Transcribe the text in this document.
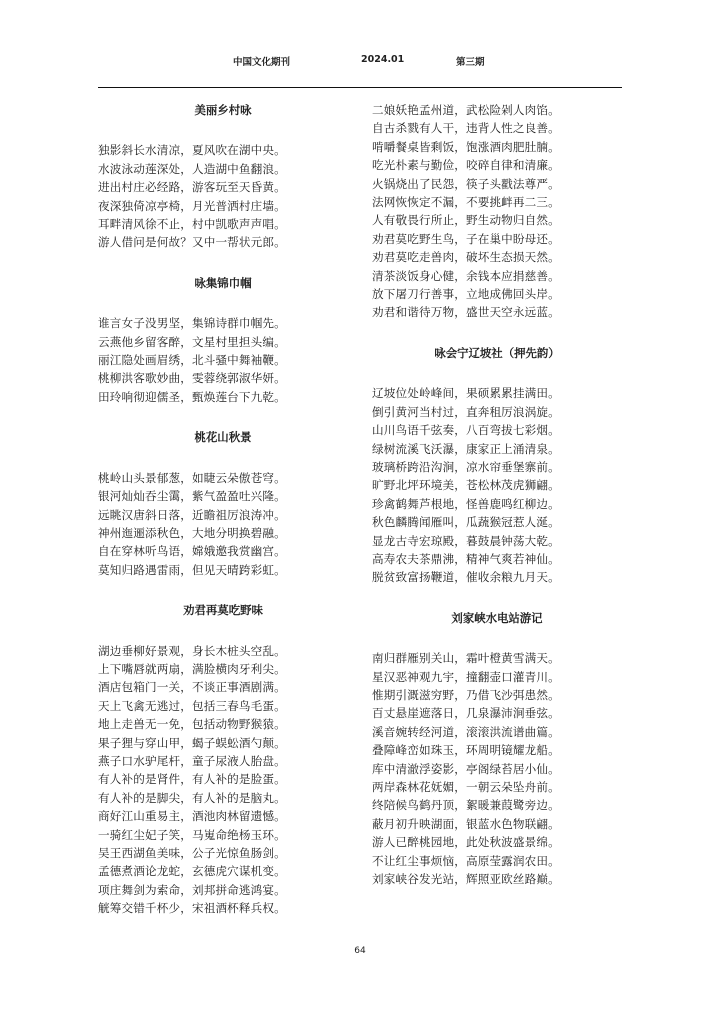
中国文化期刊	2024.01	第三期
美丽乡村咏
独影斜长水清凉，夏风吹在湖中央。
水波泳动莲深处，人造湖中鱼翻浪。
进出村庄必经路，游客玩至天昏黄。
夜深独倚凉亭椅，月光普洒村庄墙。
耳畔清风徐不止，村中凯歌声声唱。
游人借问是何故？又中一帮状元郎。
咏集锦巾帼
谁言女子没男坚，集锦诗群巾帼先。
云燕他乡留客醉，文星村里担头编。
丽江隐处画眉绣，北斗骚中舞袖鞭。
桃柳洪客歌妙曲，雯蓉绕郭淑华妍。
田玲响彻迎儒圣，甄焕莲台下九乾。
桃花山秋景
桃岭山头景郁葱，如睫云朵傲苍穹。
银河灿灿吞尘霭，紫气盈盈吐兴隆。
远眺汉唐斜日落，近瞻祖厉浪涛冲。
神州迤逦添秋色，大地分明换碧融。
自在穿林听鸟语，嫦娥邀我赏幽宫。
莫知归路遇雷雨，但见天晴跨彩虹。
劝君再莫吃野味
湖边垂柳好景观，身长木桩头空乱。
上下嘴唇就两扇，满脸横肉牙利尖。
酒店包箱门一关，不谈正事酒剧满。
天上飞禽无逃过，包括三春鸟毛蛋。
地上走兽无一免，包括动物野猴猿。
果子狸与穿山甲，蝎子蜈蚣酒勺颠。
燕子口水驴尾杆，童子尿液人胎盘。
有人补的是肾件，有人补的是脸蛋。
有人补的是脚尖，有人补的是脑丸。
商好江山重易主，酒池肉林留遗憾。
一骑红尘妃子笑，马嵬命绝杨玉环。
吴王西湖鱼美味，公子光惊鱼肠剑。
孟德煮酒论龙蛇，玄德虎穴谋机变。
项庄舞剑为索命，刘邦拼命逃鸿宴。
觥筹交错千杯少，宋祖酒杯释兵权。
二娘妖艳孟州道，武松险剁人肉馅。
自古杀戮有人干，违背人性之良善。
啃嚼餐桌皆剩饭，饱涨酒肉肥肚腩。
吃光朴素与勤俭，咬碎自律和清廉。
火锅烧出了民怨，筷子头戳法尊严。
法网恢恢定不漏，不要挑衅再二三。
人有敬畏行所止，野生动物归自然。
劝君莫吃野生鸟，子在巢中盼母还。
劝君莫吃走兽肉，破坏生态损天然。
清茶淡饭身心健，余钱本应捐慈善。
放下屠刀行善事，立地成佛回头岸。
劝君和谐待万物，盛世天空永远蓝。
咏会宁辽坡社（押先韵）
辽坡位处岭峰间，果硕累累挂满田。
倒引黄河当村过，直奔租厉浪涡旋。
山川鸟语千弦奏，八百弯拔七彩烟。
绿树流溪飞沃瀑，康家正上涌清泉。
玻璃桥跨沿沟涧，凉水帘垂堡寨前。
旷野北坪环境美，苍松林茂虎狮翩。
珍禽鹤舞芦根地，怪兽鹿鸣红柳边。
秋色麟腾闻雁叫，瓜蔬猴冠惹人涎。
显龙古寺宏琼殿，暮鼓晨钟荡大乾。
高寿农夫茶鼎沸，精神气爽若神仙。
脱贫致富扬鞭道，催收余粮九月天。
刘家峡水电站游记
南归群雁别关山，霜叶橙黄雪满天。
星汉恶神观九宇，撞翻壶口灌青川。
惟期引溉滋穷野，乃借飞沙弭患然。
百丈悬崖遮落日，几泉瀑沛涧垂弦。
溪音婉转经河道，滚滚洪流谱曲篇。
叠障峰峦如珠玉，环周明镜耀龙船。
库中清澈浮姿影，亭阁绿苔居小仙。
两岸森林花妩媚，一朝云朵坠舟前。
终陪候鸟鹤丹顶，絮暖兼葭鹭旁边。
蔽月初升映湖面，银蓝水色物联翩。
游人已醉桃园地，此处秋波盛景绵。
不让红尘事烦恼，高原莹露润农田。
刘家峡谷发光站，辉照亚欧丝路巅。
64
